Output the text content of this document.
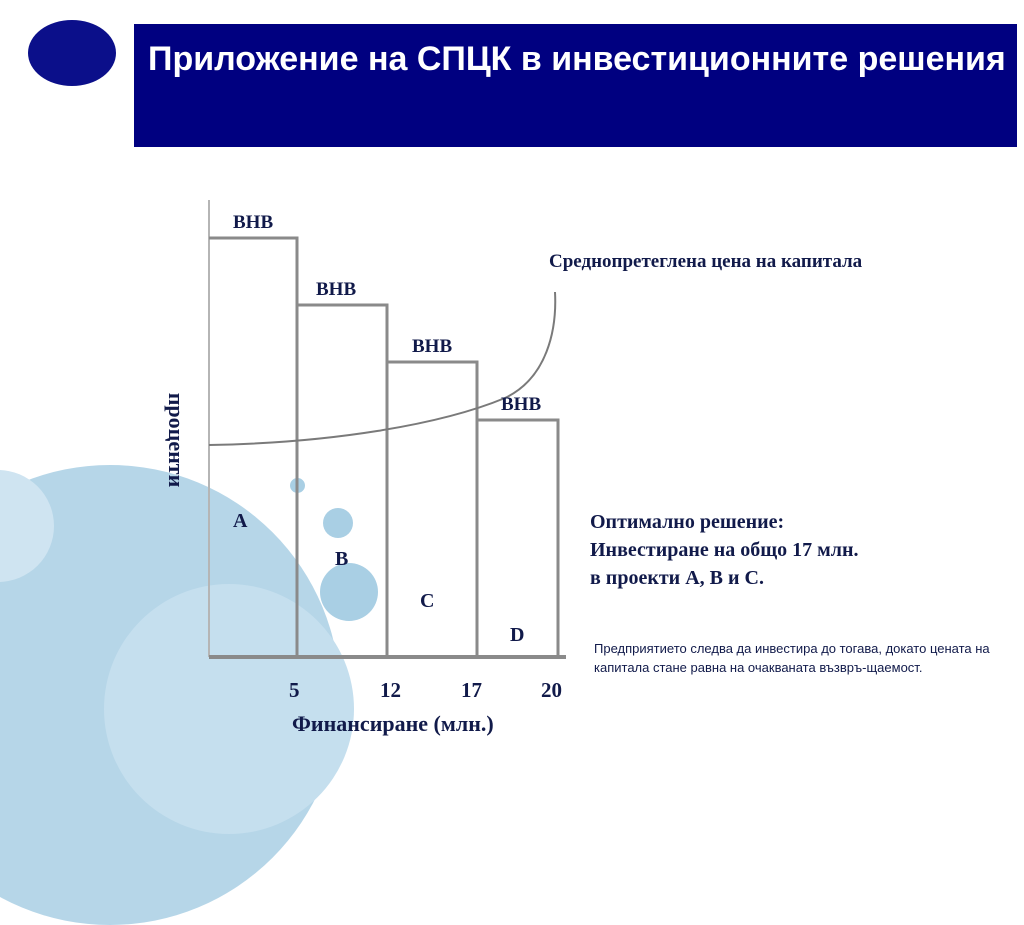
Приложение на СПЦК в инвестиционните решения
ВНВ
ВНВ
ВНВ
ВНВ
A
B
C
D
проценти
5	12	17	20
Финансиране (млн.)
Среднопретеглена цена на капитала
Оптимално решение:
Инвестиране на общо 17 млн.
в проекти A, B и C.
Предприятието следва да инвестира до тогава, докато цената на капитала стане равна на очакваната възвръ-щаемост.
